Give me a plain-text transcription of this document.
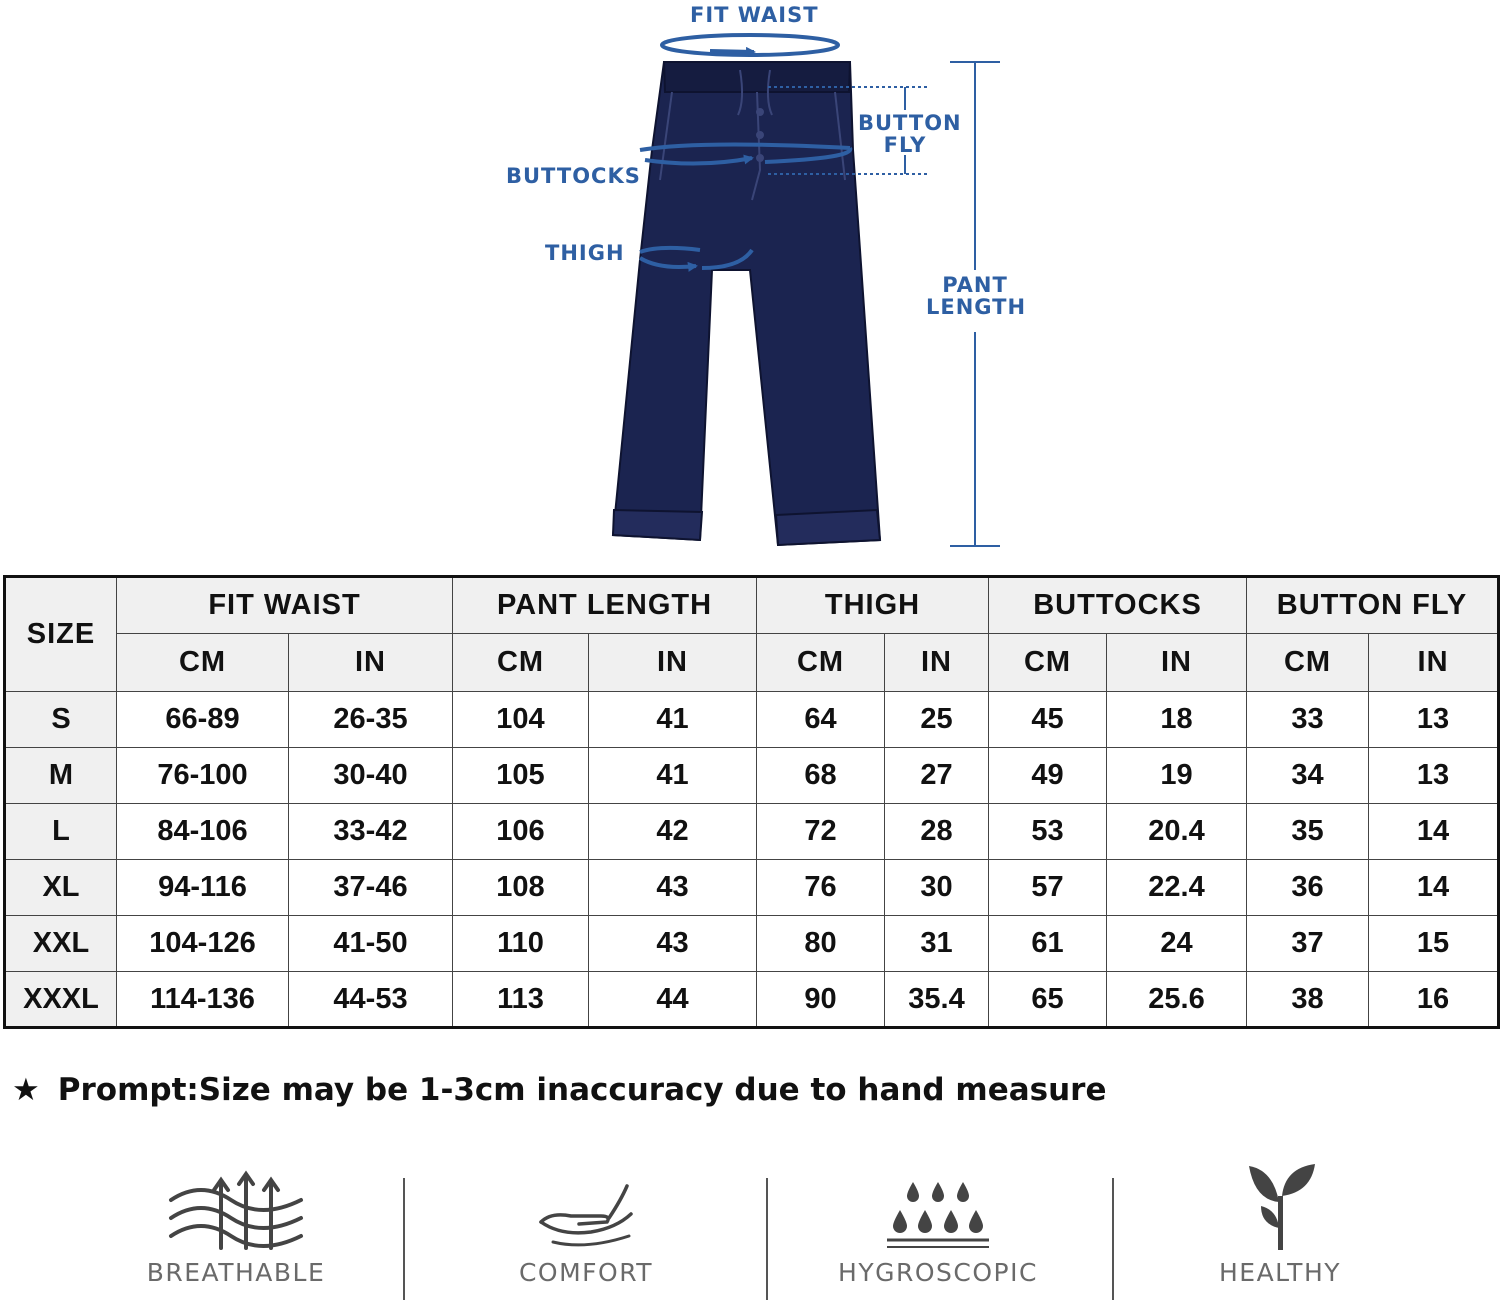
FIT WAIST
BUTTON
FLY
BUTTOCKS
THIGH
PANT
LENGTH
SIZE	FIT WAIST		PANT LENGTH		THIGH		BUTTOCKS		BUTTON FLY	
	CM	IN	CM	IN	CM	IN	CM	IN	CM	IN
S	66-89	26-35	104	41	64	25	45	18	33	13
M	76-100	30-40	105	41	68	27	49	19	34	13
L	84-106	33-42	106	42	72	28	53	20.4	35	14
XL	94-116	37-46	108	43	76	30	57	22.4	36	14
XXL	104-126	41-50	110	43	80	31	61	24	37	15
XXXL	114-136	44-53	113	44	90	35.4	65	25.6	38	16
★ Prompt:Size may be 1-3cm inaccuracy due to hand measure
BREATHABLE	COMFORT	HYGROSCOPIC	HEALTHY
